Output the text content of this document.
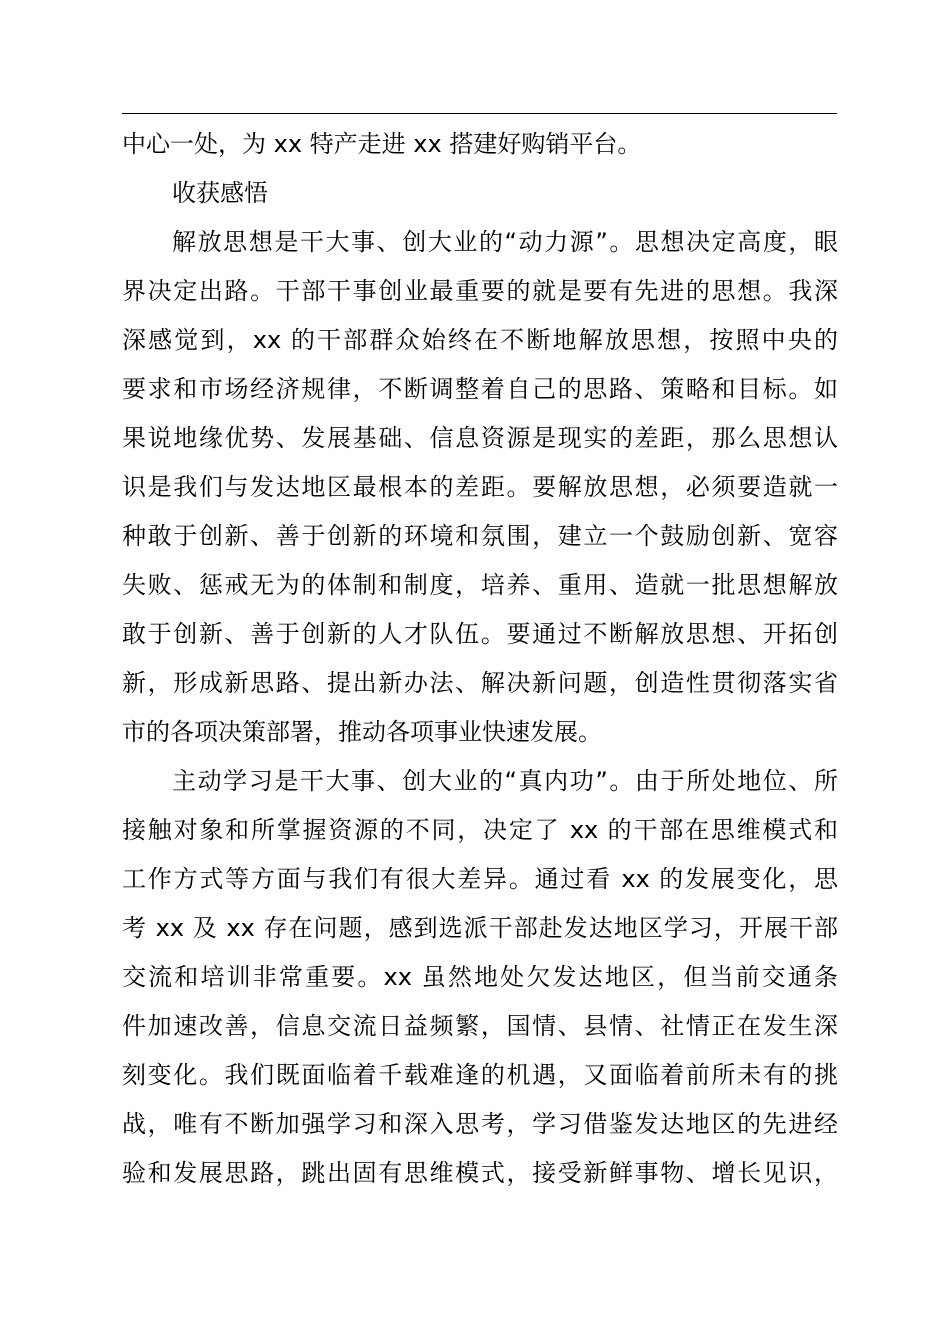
中心一处，为 xx 特产走进 xx 搭建好购销平台。
收获感悟
解放思想是干大事、创大业的“动力源”。思想决定高度，眼
界决定出路。干部干事创业最重要的就是要有先进的思想。我深
深感觉到，xx 的干部群众始终在不断地解放思想，按照中央的
要求和市场经济规律，不断调整着自己的思路、策略和目标。如
果说地缘优势、发展基础、信息资源是现实的差距，那么思想认
识是我们与发达地区最根本的差距。要解放思想，必须要造就一
种敢于创新、善于创新的环境和氛围，建立一个鼓励创新、宽容
失败、惩戒无为的体制和制度，培养、重用、造就一批思想解放
敢于创新、善于创新的人才队伍。要通过不断解放思想、开拓创
新，形成新思路、提出新办法、解决新问题，创造性贯彻落实省
市的各项决策部署，推动各项事业快速发展。
主动学习是干大事、创大业的“真内功”。由于所处地位、所
接触对象和所掌握资源的不同，决定了 xx 的干部在思维模式和
工作方式等方面与我们有很大差异。通过看 xx 的发展变化，思
考 xx 及 xx 存在问题，感到选派干部赴发达地区学习，开展干部
交流和培训非常重要。xx 虽然地处欠发达地区，但当前交通条
件加速改善，信息交流日益频繁，国情、县情、社情正在发生深
刻变化。我们既面临着千载难逢的机遇，又面临着前所未有的挑
战，唯有不断加强学习和深入思考，学习借鉴发达地区的先进经
验和发展思路，跳出固有思维模式，接受新鲜事物、增长见识，
